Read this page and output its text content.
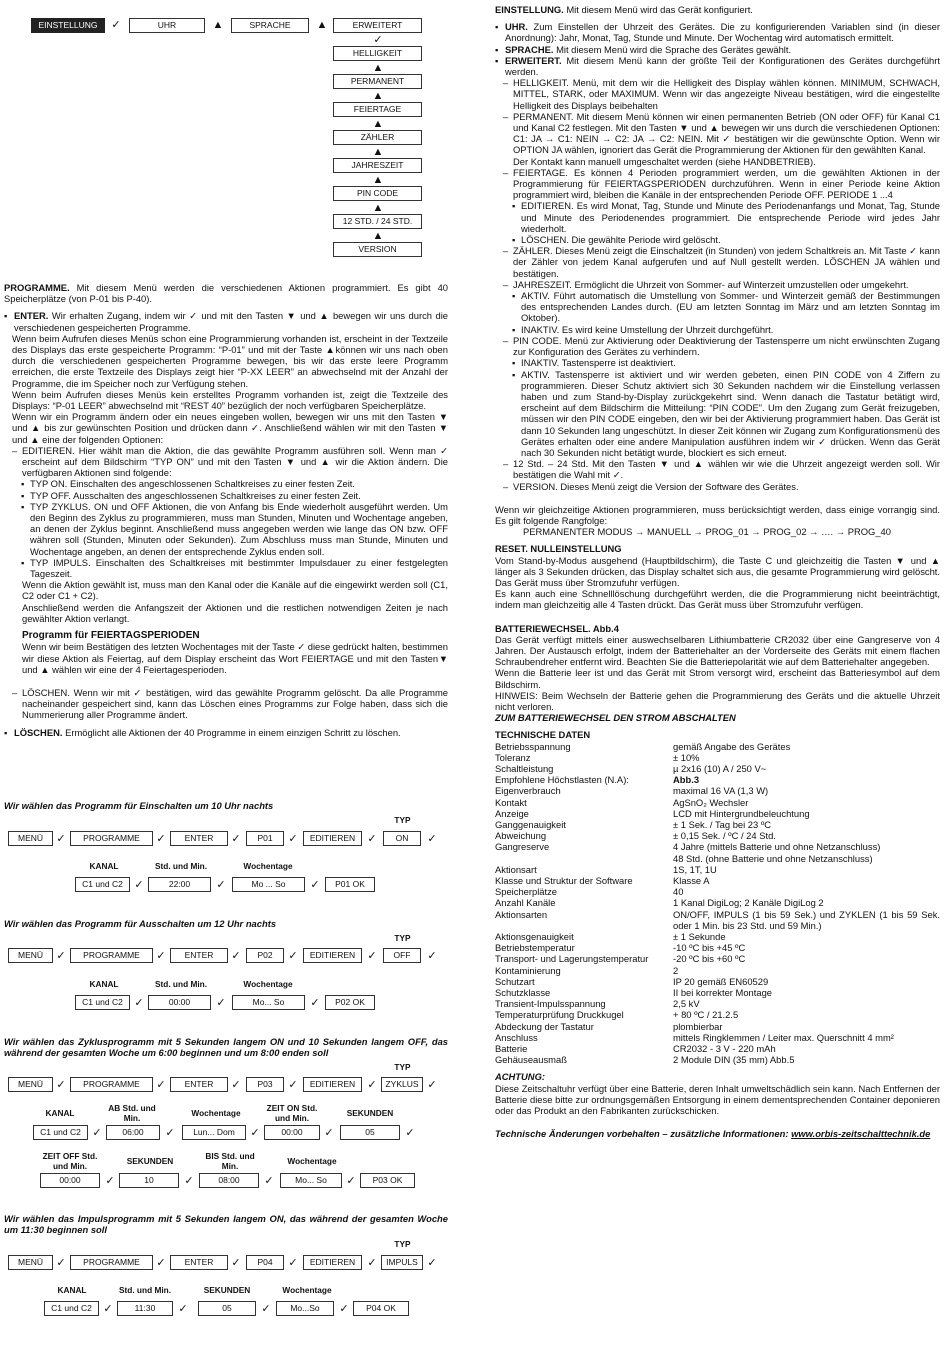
EINSTELLUNG	✓	UHR	▲	SPRACHE	▲	ERWEITERT
✓
HELLIGKEIT
▲
PERMANENT
▲
FEIERTAGE
▲
ZÄHLER
▲
JAHRESZEIT
▲
PIN CODE
▲
12 STD. / 24 STD.
▲
VERSION

PROGRAMME. Mit diesem Menü werden die verschiedenen Aktionen programmiert. Es gibt 40 Speicherplätze (von P-01 bis P-40).

▪ ENTER. Wir erhalten Zugang, indem wir ✓ und mit den Tasten ▼ und ▲ bewegen wir uns durch die verschiedenen gespeicherten Programme.

Wenn beim Aufrufen dieses Menüs schon eine Programmierung vorhanden ist, erscheint in der Textzeile des Displays das erste gespeicherte Programm: “P-01” und mit der Taste ▲können wir uns nach oben durch die verschiedenen gespeicherten Programme bewegen, bis wir das erste leere Programm erreichen, die erste Textzeile des Displays zeigt hier “P-XX LEER” an abwechselnd mit der Anzahl der Programme, die im Speicher noch zur Verfügung stehen.

Wenn beim Aufrufen dieses Menüs kein erstelltes Programm vorhanden ist, zeigt die Textzeile des Displays: “P-01 LEER” abwechselnd mit “REST 40” bezüglich der noch verfügbaren Speicherplätze.

Wenn wir ein Programm ändern oder ein neues eingeben wollen, bewegen wir uns mit den Tasten ▼ und ▲ bis zur gewünschten Position und drücken dann ✓. Anschließend wählen wir mit den Tasten ▼ und ▲ eine der folgenden Optionen:

– EDITIEREN. Hier wählt man die Aktion, die das gewählte Programm ausführen soll. Wenn man ✓ erscheint auf dem Bildschirm “TYP ON” und mit den Tasten ▼ und ▲ wir die Aktion ändern. Die verfügbaren Aktionen sind folgende:

▪ TYP ON. Einschalten des angeschlossenen Schaltkreises zu einer festen Zeit.

▪ TYP OFF. Ausschalten des angeschlossenen Schaltkreises zu einer festen Zeit.

▪ TYP ZYKLUS. ON und OFF Aktionen, die von Anfang bis Ende wiederholt ausgeführt werden. Um den Beginn des Zyklus zu programmieren, muss man Stunden, Minuten und Wochentage angeben, an denen der Zyklus beginnt. Anschließend muss angegeben werden wie lange das ON bzw. OFF währen soll (Stunden, Minuten oder Sekunden). Zum Abschluss muss man Stunde, Minuten und Wochentage angeben, an denen der entsprechende Zyklus enden soll.

▪ TYP IMPULS. Einschalten des Schaltkreises mit bestimmter Impulsdauer zu einer festgelegten Tageszeit.

Wenn die Aktion gewählt ist, muss man den Kanal oder die Kanäle auf die eingewirkt werden soll (C1, C2 oder C1 + C2).

Anschließend werden die Anfangszeit der Aktionen und die restlichen notwendigen Zeiten je nach gewählter Aktion verlangt.

Programm für FEIERTAGSPERIODEN

Wenn wir beim Bestätigen des letzten Wochentages mit der Taste ✓ diese gedrückt halten, bestimmen wir diese Aktion als Feiertag, auf dem Display erscheint das Wort FEIERTAGE und mit den Tasten▼ und ▲ wählen wir eine der 4 Feiertagesperioden.

– LÖSCHEN. Wenn wir mit ✓ bestätigen, wird das gewählte Programm gelöscht. Da alle Programme nacheinander gespeichert sind, kann das Löschen eines Programms zur Folge haben, dass sich die Nummerierung aller Programme ändert.

▪ LÖSCHEN. Ermöglicht alle Aktionen der 40 Programme in einem einzigen Schritt zu löschen.

Wir wählen das Programm für Einschalten um 10 Uhr nachts
TYP
MENÜ	✓	PROGRAMME	✓	ENTER	✓	P01	✓	EDITIEREN	✓	ON	✓
KANAL	Std. und Min.	Wochentage
C1 und C2	✓	22:00	✓	Mo ... So	✓	P01 OK
Wir wählen das Programm für Ausschalten um 12 Uhr nachts
TYP
MENÜ	✓	PROGRAMME	✓	ENTER	✓	P02	✓	EDITIEREN	✓	OFF	✓
KANAL	Std. und Min.	Wochentage
C1 und C2	✓	00:00	✓	Mo... So	✓	P02 OK
Wir wählen das Zyklusprogramm mit 5 Sekunden langem ON und 10 Sekunden langem OFF, das während der gesamten Woche um 6:00 beginnen und um 8:00 enden soll
TYP
MENÜ	✓	PROGRAMME	✓	ENTER	✓	P03	✓	EDITIEREN	✓	ZYKLUS ✓
KANAL	AB Std. und Min.	Wochentage	ZEIT ON Std. und Min.	SEKUNDEN
C1 und C2	✓	06:00	✓	Lun... Dom	✓	00:00	✓	05	✓
ZEIT OFF Std. und Min.	SEKUNDEN	BIS Std. und Min.	Wochentage
00:00	✓	10	✓	08:00	✓	Mo... So	✓	P03 OK
Wir wählen das Impulsprogramm mit 5 Sekunden langem ON, das während der gesamten Woche um 11:30 beginnen soll
TYP
MENÜ	✓	PROGRAMME	✓	ENTER	✓	P04	✓	EDITIEREN	✓	IMPULS ✓
KANAL	Std. und Min.	SEKUNDEN	Wochentage
C1 und C2	✓	11:30	✓	05	✓	Mo...So	✓	P04 OK

EINSTELLUNG. Mit diesem Menü wird das Gerät konfiguriert.

▪ UHR. Zum Einstellen der Uhrzeit des Gerätes. Die zu konfigurierenden Variablen sind (in dieser Anordnung): Jahr, Monat, Tag, Stunde und Minute. Der Wochentag wird automatisch ermittelt.

▪ SPRACHE. Mit diesem Menü wird die Sprache des Gerätes gewählt.

▪ ERWEITERT. Mit diesem Menü kann der größte Teil der Konfigurationen des Gerätes durchgeführt werden.

– HELLIGKEIT. Menü, mit dem wir die Helligkeit des Display wählen können. MINIMUM, SCHWACH, MITTEL, STARK, oder MAXIMUM. Wenn wir das angezeigte Niveau bestätigen, wird die eingestellte Helligkeit des Displays beibehalten

– PERMANENT. Mit diesem Menü können wir einen permanenten Betrieb (ON oder OFF) für Kanal C1 und Kanal C2 festlegen. Mit den Tasten ▼ und ▲ bewegen wir uns durch die verschiedenen Optionen: C1: JA → C1: NEIN → C2: JA → C2: NEIN. Mit ✓ bestätigen wir die gewünschte Option. Wenn wir OPTION JA wählen, ignoriert das Gerät die Programmierung der Aktionen für den gewählten Kanal.

Der Kontakt kann manuell umgeschaltet werden (siehe HANDBETRIEB).

– FEIERTAGE. Es können 4 Perioden programmiert werden, um die gewählten Aktionen in der Programmierung für FEIERTAGSPERIODEN durchzuführen. Wenn in einer Periode keine Aktion programmiert wird, bleiben die Kanäle in der entsprechenden Periode OFF. PERIODE 1 ...4

▪ EDITIEREN. Es wird Monat, Tag, Stunde und Minute des Periodenanfangs und Monat, Tag, Stunde und Minute des Periodenendes programmiert. Die entsprechende Periode wird jedes Jahr wiederholt.

▪ LÖSCHEN. Die gewählte Periode wird gelöscht.

– ZÄHLER. Dieses Menü zeigt die Einschaltzeit (in Stunden) von jedem Schaltkreis an. Mit Taste ✓ kann der Zähler von jedem Kanal aufgerufen und auf Null gestellt werden. LÖSCHEN JA wählen und bestätigen.

– JAHRESZEIT. Ermöglicht die Uhrzeit von Sommer- auf Winterzeit umzustellen oder umgekehrt.

▪ AKTIV. Führt automatisch die Umstellung von Sommer- und Winterzeit gemäß der Bestimmungen des entsprechenden Landes durch. (EU am letzten Sonntag im März und am letzten Sonntag im Oktober).

▪ INAKTIV. Es wird keine Umstellung der Uhrzeit durchgeführt.

– PIN CODE. Menü zur Aktivierung oder Deaktivierung der Tastensperre um nicht erwünschten Zugang zur Konfiguration des Gerätes zu verhindern.

▪ INAKTIV. Tastensperre ist deaktiviert.

▪ AKTIV. Tastensperre ist aktiviert und wir werden gebeten, einen PIN CODE von 4 Ziffern zu programmieren. Dieser Schutz aktiviert sich 30 Sekunden nachdem wir die Einstellung verlassen haben und zum Stand-by-Display zurückgekehrt sind. Wenn danach die Tastatur betätigt wird, erscheint auf dem Bildschirm die Mitteilung: “PIN CODE”. Um den Zugang zum Gerät freizugeben, müssen wir den PIN CODE eingeben, den wir bei der Aktivierung programmiert haben. Das Gerät ist dann 10 Sekunden lang ungeschützt. In dieser Zeit können wir Zugang zum Konfigurationsmenü des Gerätes erhalten oder eine andere Manipulation ausführen indem wir ✓ drücken. Wenn das Gerät nach 30 Sekunden nicht betätigt wurde, blockiert es sich erneut.

– 12 Std. – 24 Std. Mit den Tasten ▼ und ▲ wählen wir wie die Uhrzeit angezeigt werden soll. Wir bestätigen die Wahl mit ✓.

– VERSION. Dieses Menü zeigt die Version der Software des Gerätes.

Wenn wir gleichzeitige Aktionen programmieren, muss berücksichtigt werden, dass einige vorrangig sind. Es gilt folgende Rangfolge:

PERMANENTER MODUS → MANUELL → PROG_01 → PROG_02 → …. → PROG_40

RESET. NULLEINSTELLUNG

Vom Stand-by-Modus ausgehend (Hauptbildschirm), die Taste C und gleichzeitig die Tasten ▼ und ▲ länger als 3 Sekunden drücken, das Display schaltet sich aus, die gesamte Programmierung wird gelöscht. Das Gerät muss über Stromzufuhr verfügen.

Es kann auch eine Schnelllöschung durchgeführt werden, die die Programmierung nicht beeinträchtigt, indem man gleichzeitig alle 4 Tasten drückt. Das Gerät muss über Stromzufuhr verfügen.

BATTERIEWECHSEL. Abb.4

Das Gerät verfügt mittels einer auswechselbaren Lithiumbatterie CR2032 über eine Gangreserve von 4 Jahren. Der Austausch erfolgt, indem der Batteriehalter an der Vorderseite des Geräts mit einem flachen Schraubendreher entfernt wird. Beachten Sie die Batteriepolarität wie auf dem Batteriehalter angegeben.

Wenn die Batterie leer ist und das Gerät mit Strom versorgt wird, erscheint das Batteriesymbol auf dem Bildschirm.

HINWEIS: Beim Wechseln der Batterie gehen die Programmierung des Geräts und die aktuelle Uhrzeit nicht verloren.

ZUM BATTERIEWECHSEL DEN STROM ABSCHALTEN

TECHNISCHE DATEN

Betriebsspannung	gemäß Angabe des Gerätes
Toleranz	± 10%
Schaltleistung	µ 2x16 (10) A / 250 V~
Empfohlene Höchstlasten (N.A):	Abb.3
Eigenverbrauch	maximal 16 VA (1,3 W)
Kontakt	AgSnO₂ Wechsler
Anzeige	LCD mit Hintergrundbeleuchtung
Ganggenauigkeit	± 1 Sek. / Tag bei 23 ºC
Abweichung	± 0,15 Sek. / ºC / 24 Std.
Gangreserve	4 Jahre (mittels Batterie und ohne Netzanschluss)
48 Std. (ohne Batterie und ohne Netzanschluss)
Aktionsart	1S, 1T, 1U
Klasse und Struktur der Software	Klasse A
Speicherplätze	40
Anzahl Kanäle	1 Kanal DigiLog; 2 Kanäle DigiLog 2
Aktionsarten	ON/OFF, IMPULS (1 bis 59 Sek.) und ZYKLEN (1 bis 59 Sek. oder 1 Min. bis 23 Std. und 59 Min.)
Aktionsgenauigkeit	± 1 Sekunde
Betriebstemperatur	-10 ºC bis +45 ºC
Transport- und Lagerungstemperatur	-20 ºC bis +60 ºC
Kontaminierung	2
Schutzart	IP 20 gemäß EN60529
Schutzklasse	II bei korrekter Montage
Transient-Impulsspannung	2,5 kV
Temperaturprüfung Druckkugel	+ 80 ºC / 21.2.5
Abdeckung der Tastatur	plombierbar
Anschluss	mittels Ringklemmen / Leiter max. Querschnitt 4 mm²
Batterie	CR2032 - 3 V - 220 mAh
Gehäuseausmaß	2 Module DIN (35 mm) Abb.5

ACHTUNG:

Diese Zeitschaltuhr verfügt über eine Batterie, deren Inhalt umweltschädlich sein kann. Nach Entfernen der Batterie diese bitte zur ordnungsgemäßen Entsorgung in einem dementsprechenden Container deponieren oder das Produkt an den Fabrikanten zurückschicken.

Technische Änderungen vorbehalten – zusätzliche Informationen: www.orbis-zeitschalttechnik.de
